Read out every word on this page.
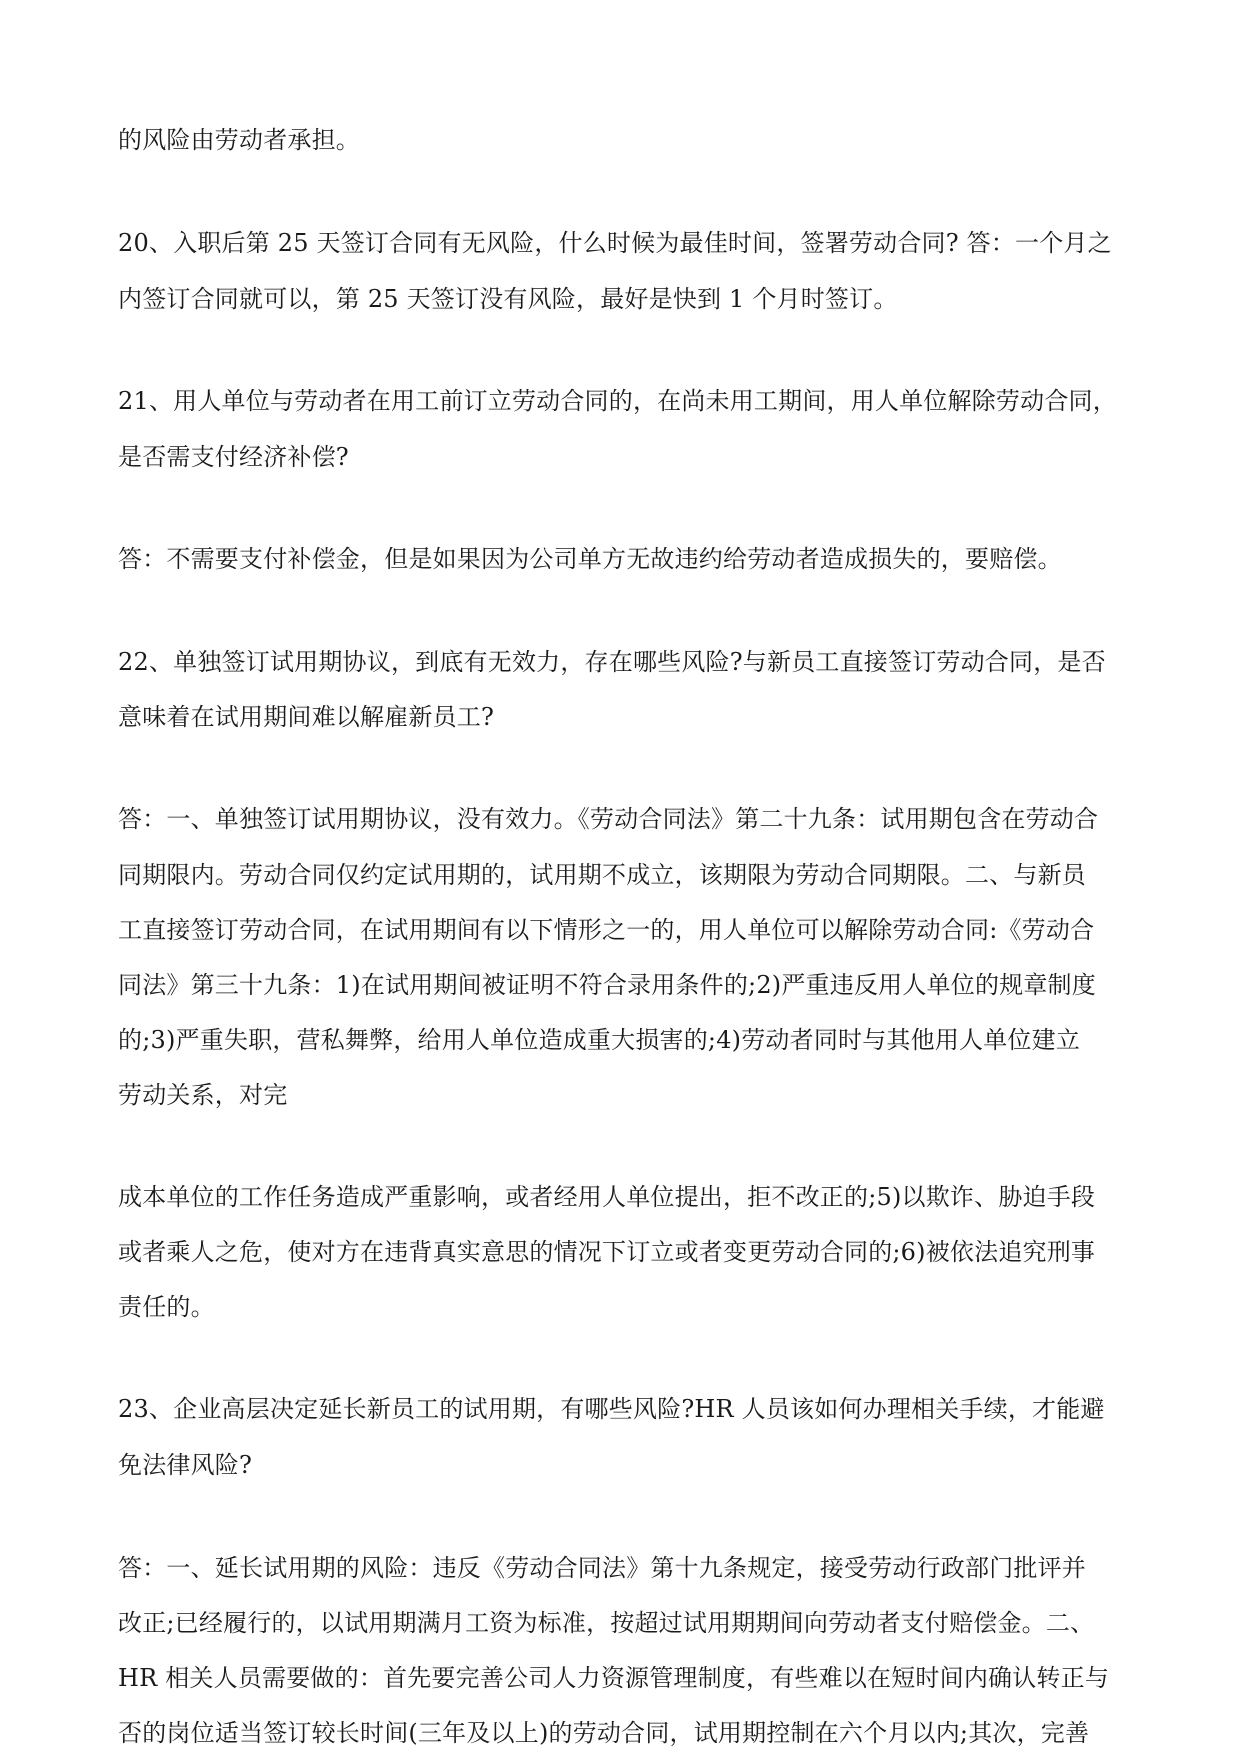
的风险由劳动者承担。
20、入职后第 25 天签订合同有无风险，什么时候为最佳时间，签署劳动合同? 答：一个月之
内签订合同就可以，第 25 天签订没有风险，最好是快到 1 个月时签订。
21、用人单位与劳动者在用工前订立劳动合同的，在尚未用工期间，用人单位解除劳动合同，
是否需支付经济补偿?
答：不需要支付补偿金，但是如果因为公司单方无故违约给劳动者造成损失的，要赔偿。
22、单独签订试用期协议，到底有无效力，存在哪些风险?与新员工直接签订劳动合同，是否
意味着在试用期间难以解雇新员工?
答：一、单独签订试用期协议，没有效力。《劳动合同法》第二十九条：试用期包含在劳动合
同期限内。劳动合同仅约定试用期的，试用期不成立，该期限为劳动合同期限。二、与新员
工直接签订劳动合同，在试用期间有以下情形之一的，用人单位可以解除劳动合同:《劳动合
同法》第三十九条：1)在试用期间被证明不符合录用条件的;2)严重违反用人单位的规章制度
的;3)严重失职，营私舞弊，给用人单位造成重大损害的;4)劳动者同时与其他用人单位建立
劳动关系，对完
成本单位的工作任务造成严重影响，或者经用人单位提出，拒不改正的;5)以欺诈、胁迫手段
或者乘人之危，使对方在违背真实意思的情况下订立或者变更劳动合同的;6)被依法追究刑事
责任的。
23、企业高层决定延长新员工的试用期，有哪些风险?HR 人员该如何办理相关手续，才能避
免法律风险?
答：一、延长试用期的风险：违反《劳动合同法》第十九条规定，接受劳动行政部门批评并
改正;已经履行的，以试用期满月工资为标准，按超过试用期期间向劳动者支付赔偿金。二、
HR 相关人员需要做的：首先要完善公司人力资源管理制度，有些难以在短时间内确认转正与
否的岗位适当签订较长时间(三年及以上)的劳动合同，试用期控制在六个月以内;其次，完善
